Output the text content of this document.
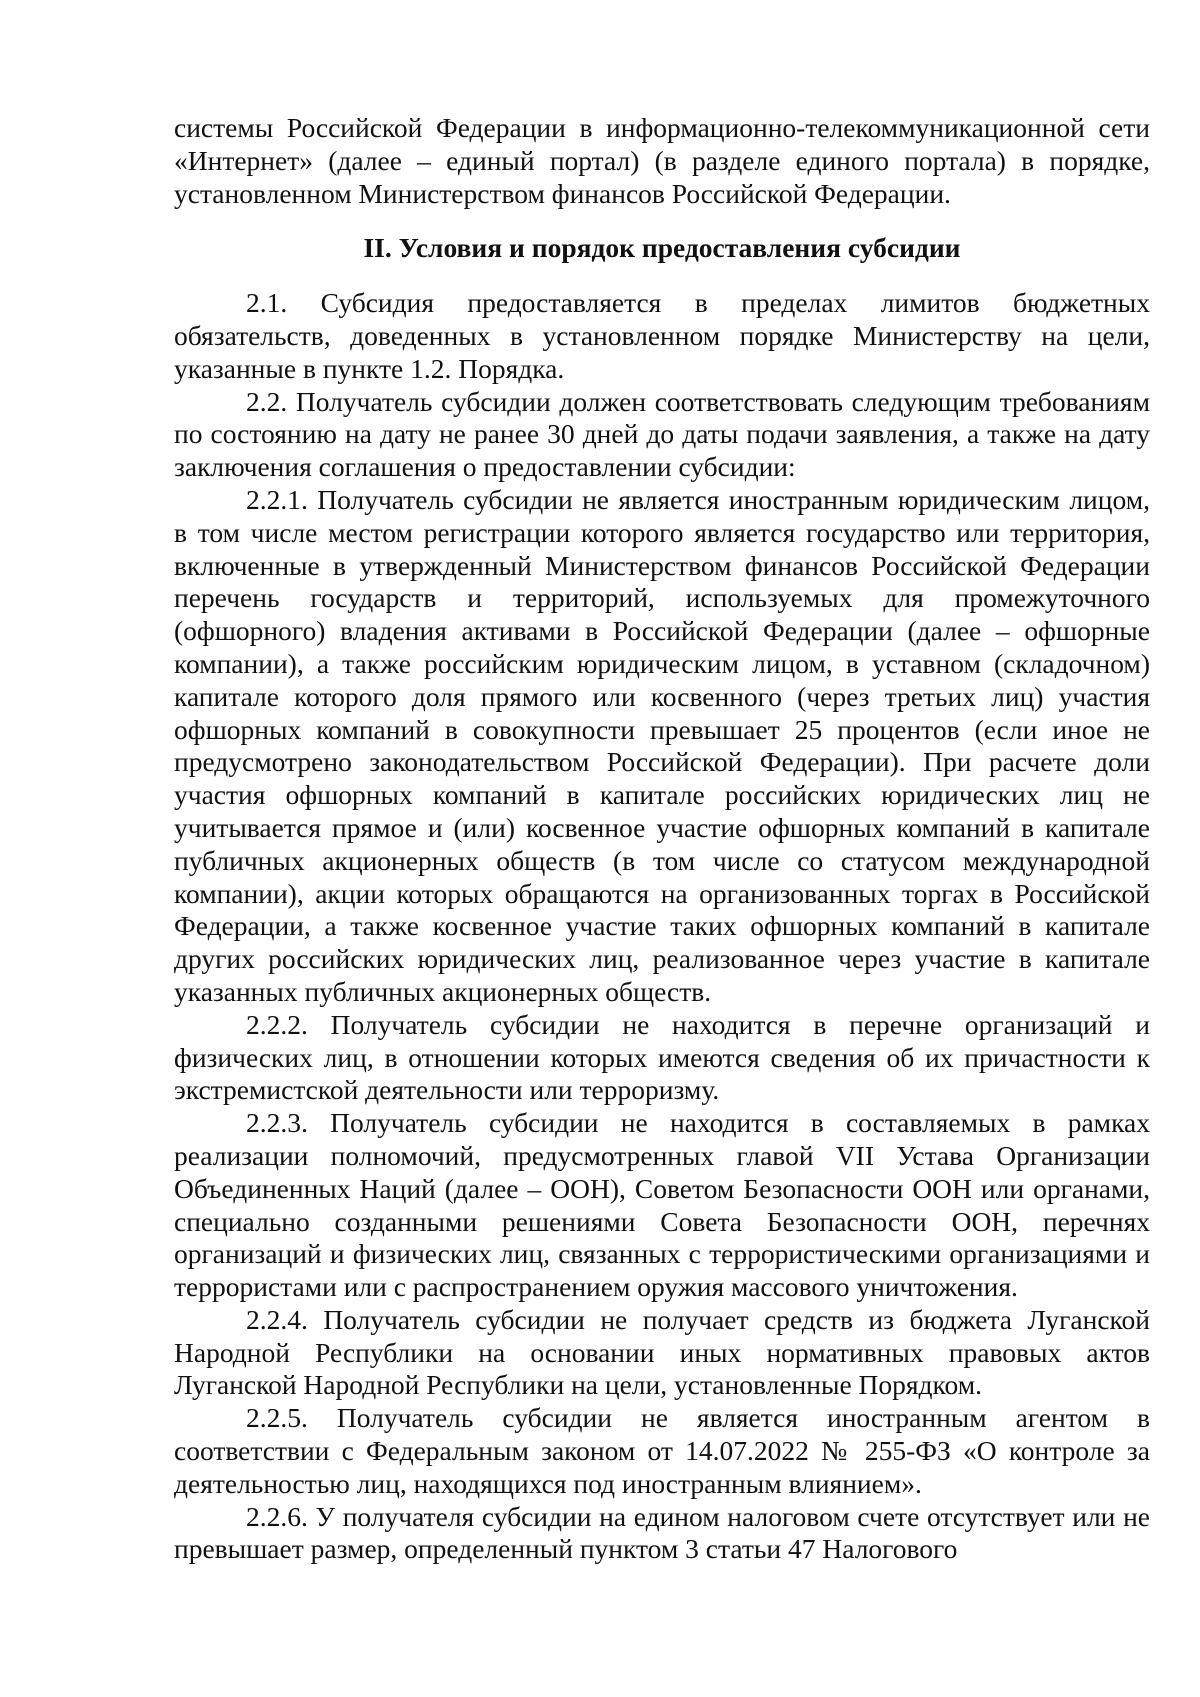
системы Российской Федерации в информационно-телекоммуникационной сети «Интернет» (далее – единый портал) (в разделе единого портала) в порядке, установленном Министерством финансов Российской Федерации.

II. Условия и порядок предоставления субсидии

2.1. Субсидия предоставляется в пределах лимитов бюджетных обязательств, доведенных в установленном порядке Министерству на цели, указанные в пункте 1.2. Порядка.

2.2. Получатель субсидии должен соответствовать следующим требованиям по состоянию на дату не ранее 30 дней до даты подачи заявления, а также на дату заключения соглашения о предоставлении субсидии:

2.2.1. Получатель субсидии не является иностранным юридическим лицом, в том числе местом регистрации которого является государство или территория, включенные в утвержденный Министерством финансов Российской Федерации перечень государств и территорий, используемых для промежуточного (офшорного) владения активами в Российской Федерации (далее – офшорные компании), а также российским юридическим лицом, в уставном (складочном) капитале которого доля прямого или косвенного (через третьих лиц) участия офшорных компаний в совокупности превышает 25 процентов (если иное не предусмотрено законодательством Российской Федерации). При расчете доли участия офшорных компаний в капитале российских юридических лиц не учитывается прямое и (или) косвенное участие офшорных компаний в капитале публичных акционерных обществ (в том числе со статусом международной компании), акции которых обращаются на организованных торгах в Российской Федерации, а также косвенное участие таких офшорных компаний в капитале других российских юридических лиц, реализованное через участие в капитале указанных публичных акционерных обществ.

2.2.2. Получатель субсидии не находится в перечне организаций и физических лиц, в отношении которых имеются сведения об их причастности к экстремистской деятельности или терроризму.

2.2.3. Получатель субсидии не находится в составляемых в рамках реализации полномочий, предусмотренных главой VII Устава Организации Объединенных Наций (далее – ООН), Советом Безопасности ООН или органами, специально созданными решениями Совета Безопасности ООН, перечнях организаций и физических лиц, связанных с террористическими организациями и террористами или с распространением оружия массового уничтожения.

2.2.4. Получатель субсидии не получает средств из бюджета Луганской Народной Республики на основании иных нормативных правовых актов Луганской Народной Республики на цели, установленные Порядком.

2.2.5. Получатель субсидии не является иностранным агентом в соответствии с Федеральным законом от 14.07.2022 № 255-ФЗ «О контроле за деятельностью лиц, находящихся под иностранным влиянием».

2.2.6. У получателя субсидии на едином налоговом счете отсутствует или не превышает размер, определенный пунктом 3 статьи 47 Налогового
